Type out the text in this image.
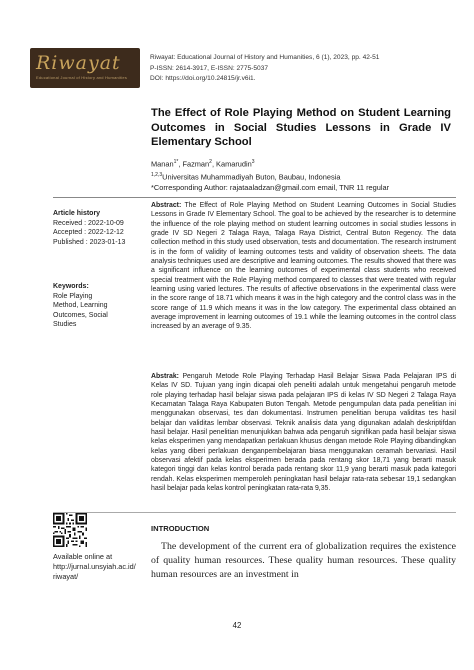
Riwayat
Educational Journal of History and Humanities
Riwayat: Educational Journal of History and Humanities, 6 (1), 2023, pp. 42-51
P-ISSN: 2614-3917, E-ISSN: 2775-5037
DOI: https://doi.org/10.24815/jr.v6i1.
The Effect of Role Playing Method on Student Learning Outcomes in Social Studies Lessons in Grade IV Elementary School
Manan$^{1*}$, Fazman$^2$, Kamarudin$^3$
$^{1,2,3}$Universitas Muhammadiyah Buton, Baubau, Indonesia
*Corresponding Author: rajataaladzan@gmail.com email, TNR 11 regular
Article history
Received : 2022-10-09
Accepted : 2022-12-12
Published : 2023-01-13
Keywords:
Role Playing
Method, Learning
Outcomes, Social
Studies
Abstract: The Effect of Role Playing Method on Student Learning Outcomes in Social Studies Lessons in Grade IV Elementary School. The goal to be achieved by the researcher is to determine the influence of the role playing method on student learning outcomes in social studies lessons in grade IV SD Negeri 2 Talaga Raya, Talaga Raya District, Central Buton Regency. The data collection method in this study used observation, tests and documentation. The research instrument is in the form of validity of learning outcomes tests and validity of observation sheets. The data analysis techniques used are descriptive and learning outcomes. The results showed that there was a significant influence on the learning outcomes of experimental class students who received special treatment with the Role Playing method compared to classes that were treated with regular learning using varied lectures. The results of affective observations in the experimental class were in the score range of 18.71 which means it was in the high category and the control class was in the score range of 11.9 which means it was in the low category. The experimental class obtained an average improvement in learning outcomes of 19.1 while the learning outcomes in the control class increased by an average of 9.35.
Abstrak: Pengaruh Metode Role Playing Terhadap Hasil Belajar Siswa Pada Pelajaran IPS di Kelas IV SD. Tujuan yang ingin dicapai oleh peneliti adalah untuk mengetahui pengaruh metode role playing terhadap hasil belajar siswa pada pelajaran IPS di kelas IV SD Negeri 2 Talaga Raya Kecamatan Talaga Raya Kabupaten Buton Tengah. Metode pengumpulan data pada penelitian ini menggunakan observasi, tes dan dokumentasi. Instrumen penelitian berupa validitas tes hasil belajar dan validitas lembar observasi. Teknik analisis data yang digunakan adalah deskriptifdan hasil belajar. Hasil penelitian menunjukkan bahwa ada pengaruh signifikan pada hasil belajar siswa kelas eksperimen yang mendapatkan perlakuan khusus dengan metode Role Playing dibandingkan kelas yang diberi perlakuan denganpembelajaran biasa menggunakan ceramah bervariasi. Hasil observasi afektif pada kelas eksperimen berada pada rentang skor 18,71 yang berarti masuk kategori tinggi dan kelas kontrol berada pada rentang skor 11,9 yang berarti masuk pada kategori rendah. Kelas eksperimen memperoleh peningkatan hasil belajar rata-rata sebesar 19,1 sedangkan hasil belajar pada kelas kontrol peningkatan rata-rata 9,35.
Available online at
http://jurnal.unsyiah.ac.id/
riwayat/
INTRODUCTION
The development of the current era of globalization requires the existence of quality human resources. These quality human resources. These quality human resources are an investment in
42
